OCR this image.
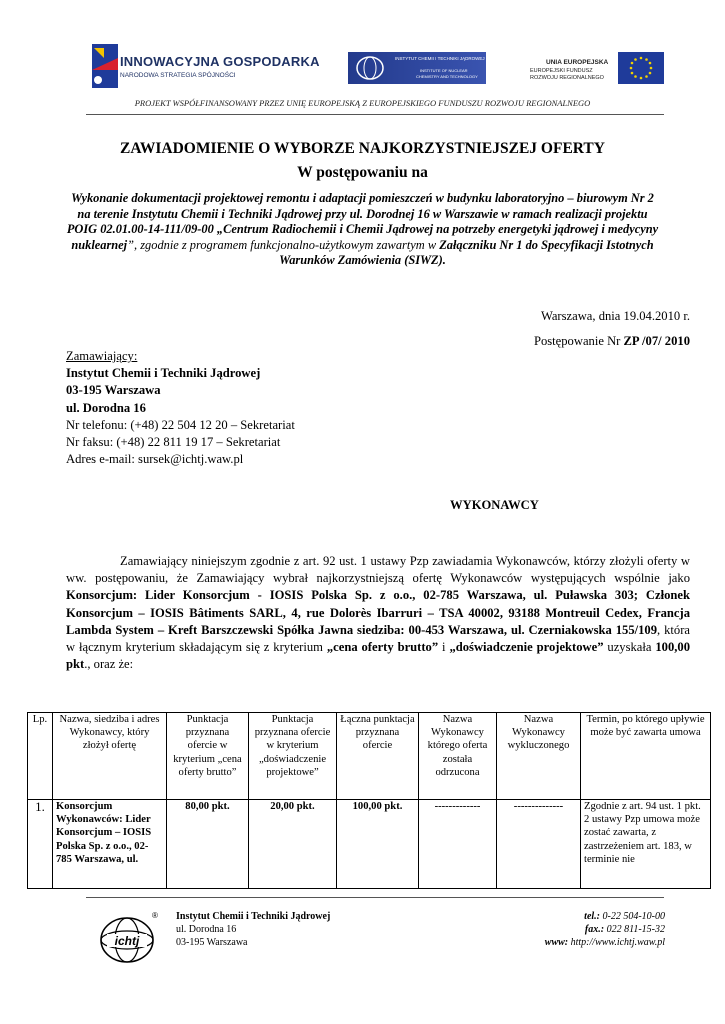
INNOWACYJNA GOSPODARKA
NARODOWA STRATEGIA SPÓJNOŚCI
INSTYTUT CHEMII I TECHNIKI JĄDROWEJ
INSTITUTE OF NUCLEAR
CHEMISTRY AND TECHNOLOGY
UNIA EUROPEJSKA
EUROPEJSKI FUNDUSZ
ROZWOJU REGIONALNEGO
PROJEKT WSPÓŁFINANSOWANY PRZEZ UNIĘ EUROPEJSKĄ Z EUROPEJSKIEGO FUNDUSZU ROZWOJU REGIONALNEGO
ZAWIADOMIENIE O WYBORZE NAJKORZYSTNIEJSZEJ OFERTY
W postępowaniu na
Wykonanie dokumentacji projektowej remontu i adaptacji pomieszczeń w budynku laboratoryjno – biurowym Nr 2 na terenie Instytutu Chemii i Techniki Jądrowej przy ul. Dorodnej 16 w Warszawie w ramach realizacji projektu POIG 02.01.00-14-111/09-00 „Centrum Radiochemii i Chemii Jądrowej na potrzeby energetyki jądrowej i medycyny nuklearnej”, zgodnie z programem funkcjonalno-użytkowym zawartym w Załączniku Nr 1 do Specyfikacji Istotnych Warunków Zamówienia (SIWZ).
Warszawa, dnia 19.04.2010 r.
Postępowanie Nr ZP /07/ 2010
Zamawiający:
Instytut Chemii i Techniki Jądrowej
03-195 Warszawa
ul. Dorodna 16
Nr telefonu: (+48) 22 504 12 20 – Sekretariat
Nr faksu: (+48) 22 811 19 17 – Sekretariat
Adres e-mail: sursek@ichtj.waw.pl
WYKONAWCY

Zamawiający niniejszym zgodnie z art. 92 ust. 1 ustawy Pzp zawiadamia Wykonawców, którzy złożyli oferty w ww. postępowaniu, że Zamawiający wybrał najkorzystniejszą ofertę Wykonawców występujących wspólnie jako Konsorcjum: Lider Konsorcjum - IOSIS Polska Sp. z o.o., 02-785 Warszawa, ul. Puławska 303; Członek Konsorcjum – IOSIS Bâtiments SARL, 4, rue Dolorès Ibarruri – TSA 40002, 93188 Montreuil Cedex, Francja Lambda System – Kreft Barszczewski Spółka Jawna siedziba: 00-453 Warszawa, ul. Czerniakowska 155/109, która w łącznym kryterium składającym się z kryterium „cena oferty brutto” i „doświadczenie projektowe” uzyskała 100,00 pkt., oraz że:

Lp.	Nazwa, siedziba i adres Wykonawcy, który złożył ofertę	Punktacja przyznana ofercie w kryterium „cena oferty brutto”	Punktacja przyznana ofercie w kryterium „doświadczenie projektowe”	Łączna punktacja przyznana ofercie	Nazwa Wykonawcy którego oferta została odrzucona	Nazwa Wykonawcy wykluczonego	Termin, po którego upływie może być zawarta umowa
1.	Konsorcjum Wykonawców: Lider Konsorcjum – IOSIS Polska Sp. z o.o., 02-785 Warszawa, ul.	80,00 pkt.	20,00 pkt.	100,00 pkt.	-------------	--------------	Zgodnie z art. 94 ust. 1 pkt. 2 ustawy Pzp umowa może zostać zawarta, z zastrzeżeniem art. 183, w terminie nie
ichtj
® Instytut Chemii i Techniki Jądrowej
ul. Dorodna 16
03-195 Warszawa
tel.: 0-22 504-10-00
fax.: 022 811-15-32
www: http://www.ichtj.waw.pl
